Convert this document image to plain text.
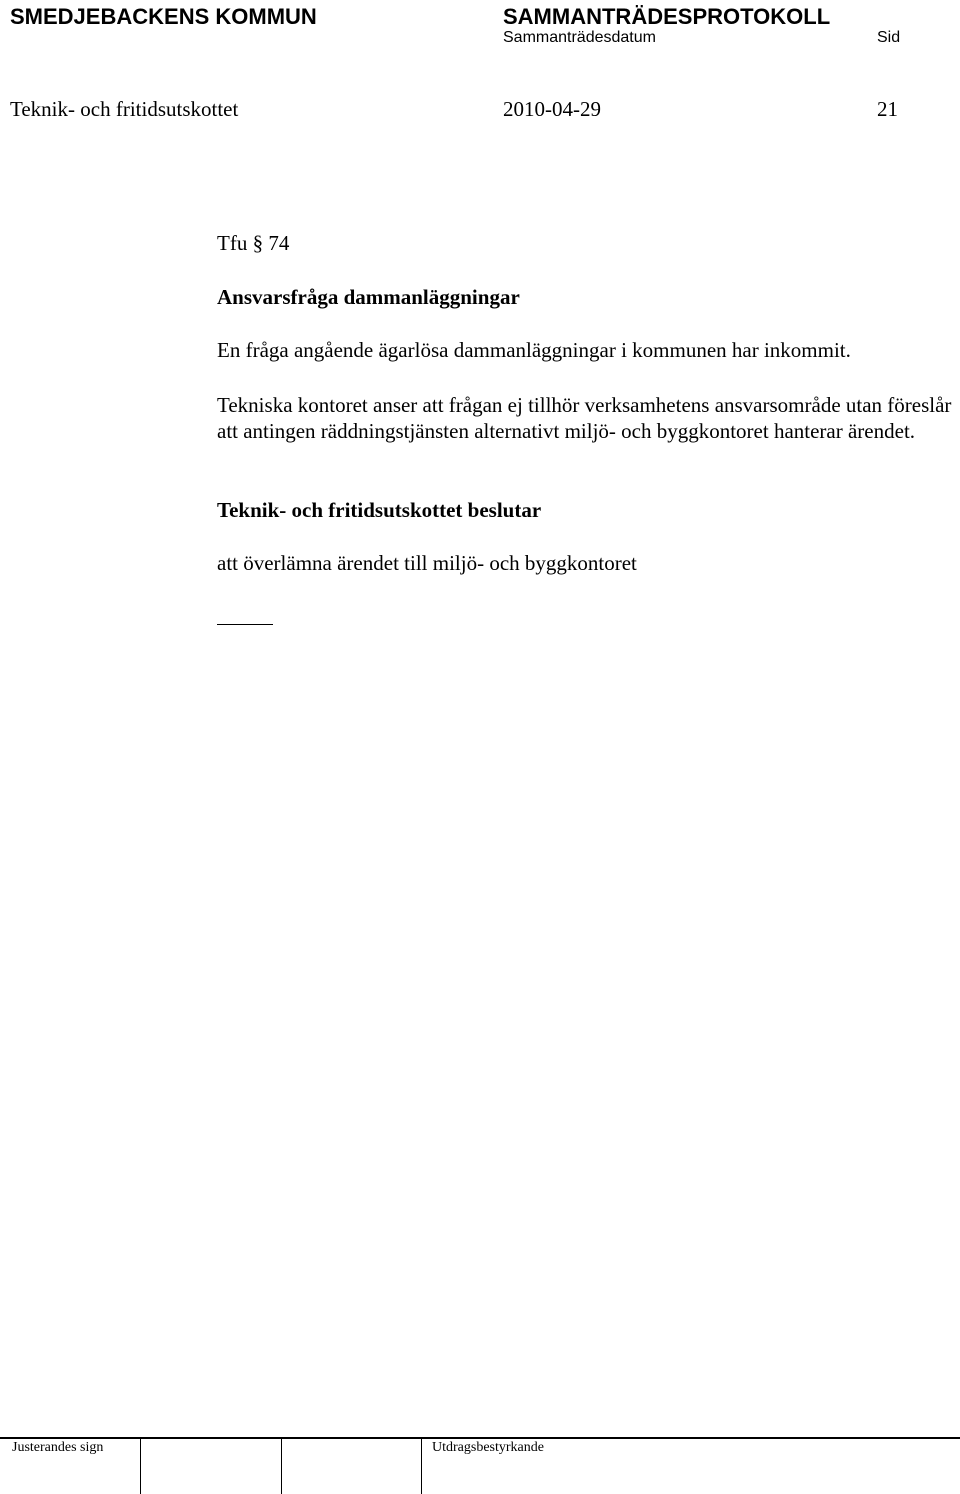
SMEDJEBACKENS KOMMUN	SAMMANTRÄDESPROTOKOLL
Sammanträdesdatum	Sid
Teknik- och fritidsutskottet	2010-04-29	21
Tfu § 74
Ansvarsfråga dammanläggningar
En fråga angående ägarlösa dammanläggningar i kommunen har inkommit.
Tekniska kontoret anser att frågan ej tillhör verksamhetens ansvarsområde utan föreslår att antingen räddningstjänsten alternativt miljö- och byggkontoret hanterar ärendet.
Teknik- och fritidsutskottet beslutar
att överlämna ärendet till miljö- och byggkontoret
Justerandes sign	Utdragsbestyrkande
